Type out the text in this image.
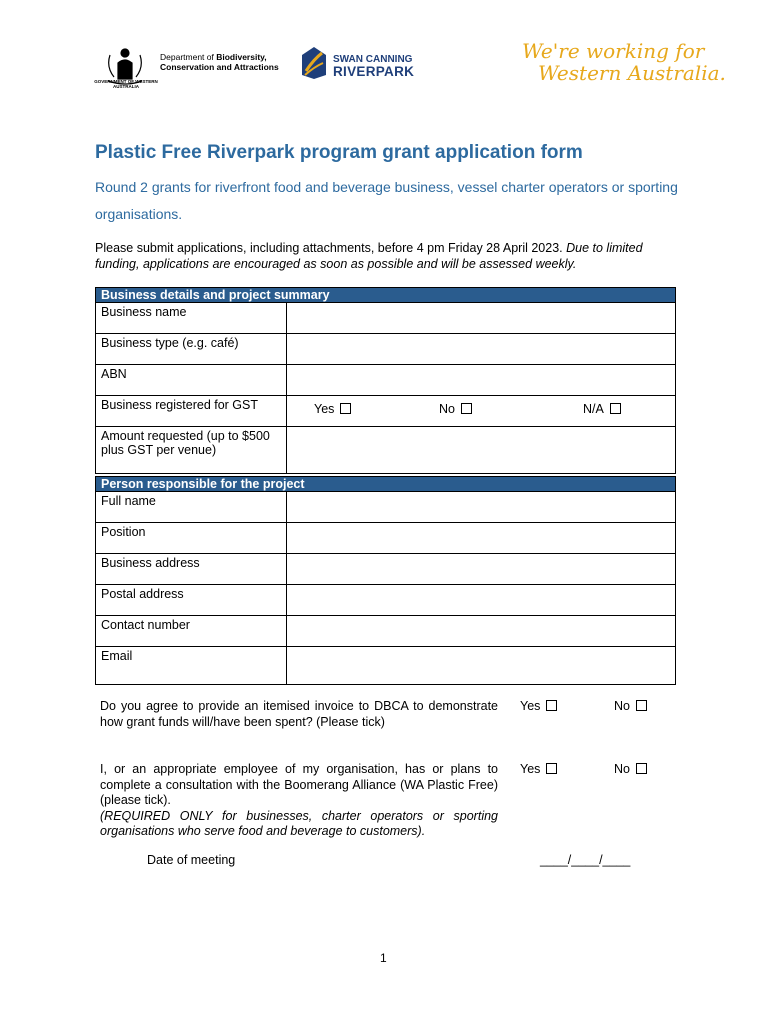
GOVERNMENT OF WESTERN AUSTRALIA
Department of Biodiversity,
Conservation and Attractions
SWAN CANNING
RIVERPARK
We're working for
Western Australia.
Plastic Free Riverpark program grant application form
Round 2 grants for riverfront food and beverage business, vessel charter operators or sporting organisations.
Please submit applications, including attachments, before 4 pm Friday 28 April 2023. Due to limited funding, applications are encouraged as soon as possible and will be assessed weekly.
Business details and project summary	
Business name	
Business type (e.g. café)	
ABN	
Business registered for GST	Yes No N/A

Amount requested (up to $500 plus GST per venue)	
Person responsible for the project	
Full name	
Position	
Business address	
Postal address	
Contact number	
Email	
Do you agree to provide an itemised invoice to DBCA to demonstrate how grant funds will/have been spent? (Please tick)
Yes	No
I, or an appropriate employee of my organisation, has or plans to complete a consultation with the Boomerang Alliance (WA Plastic Free) (please tick).
(REQUIRED ONLY for businesses, charter operators or sporting organisations who serve food and beverage to customers).
Yes	No
Date of meeting	____/____/____
1
